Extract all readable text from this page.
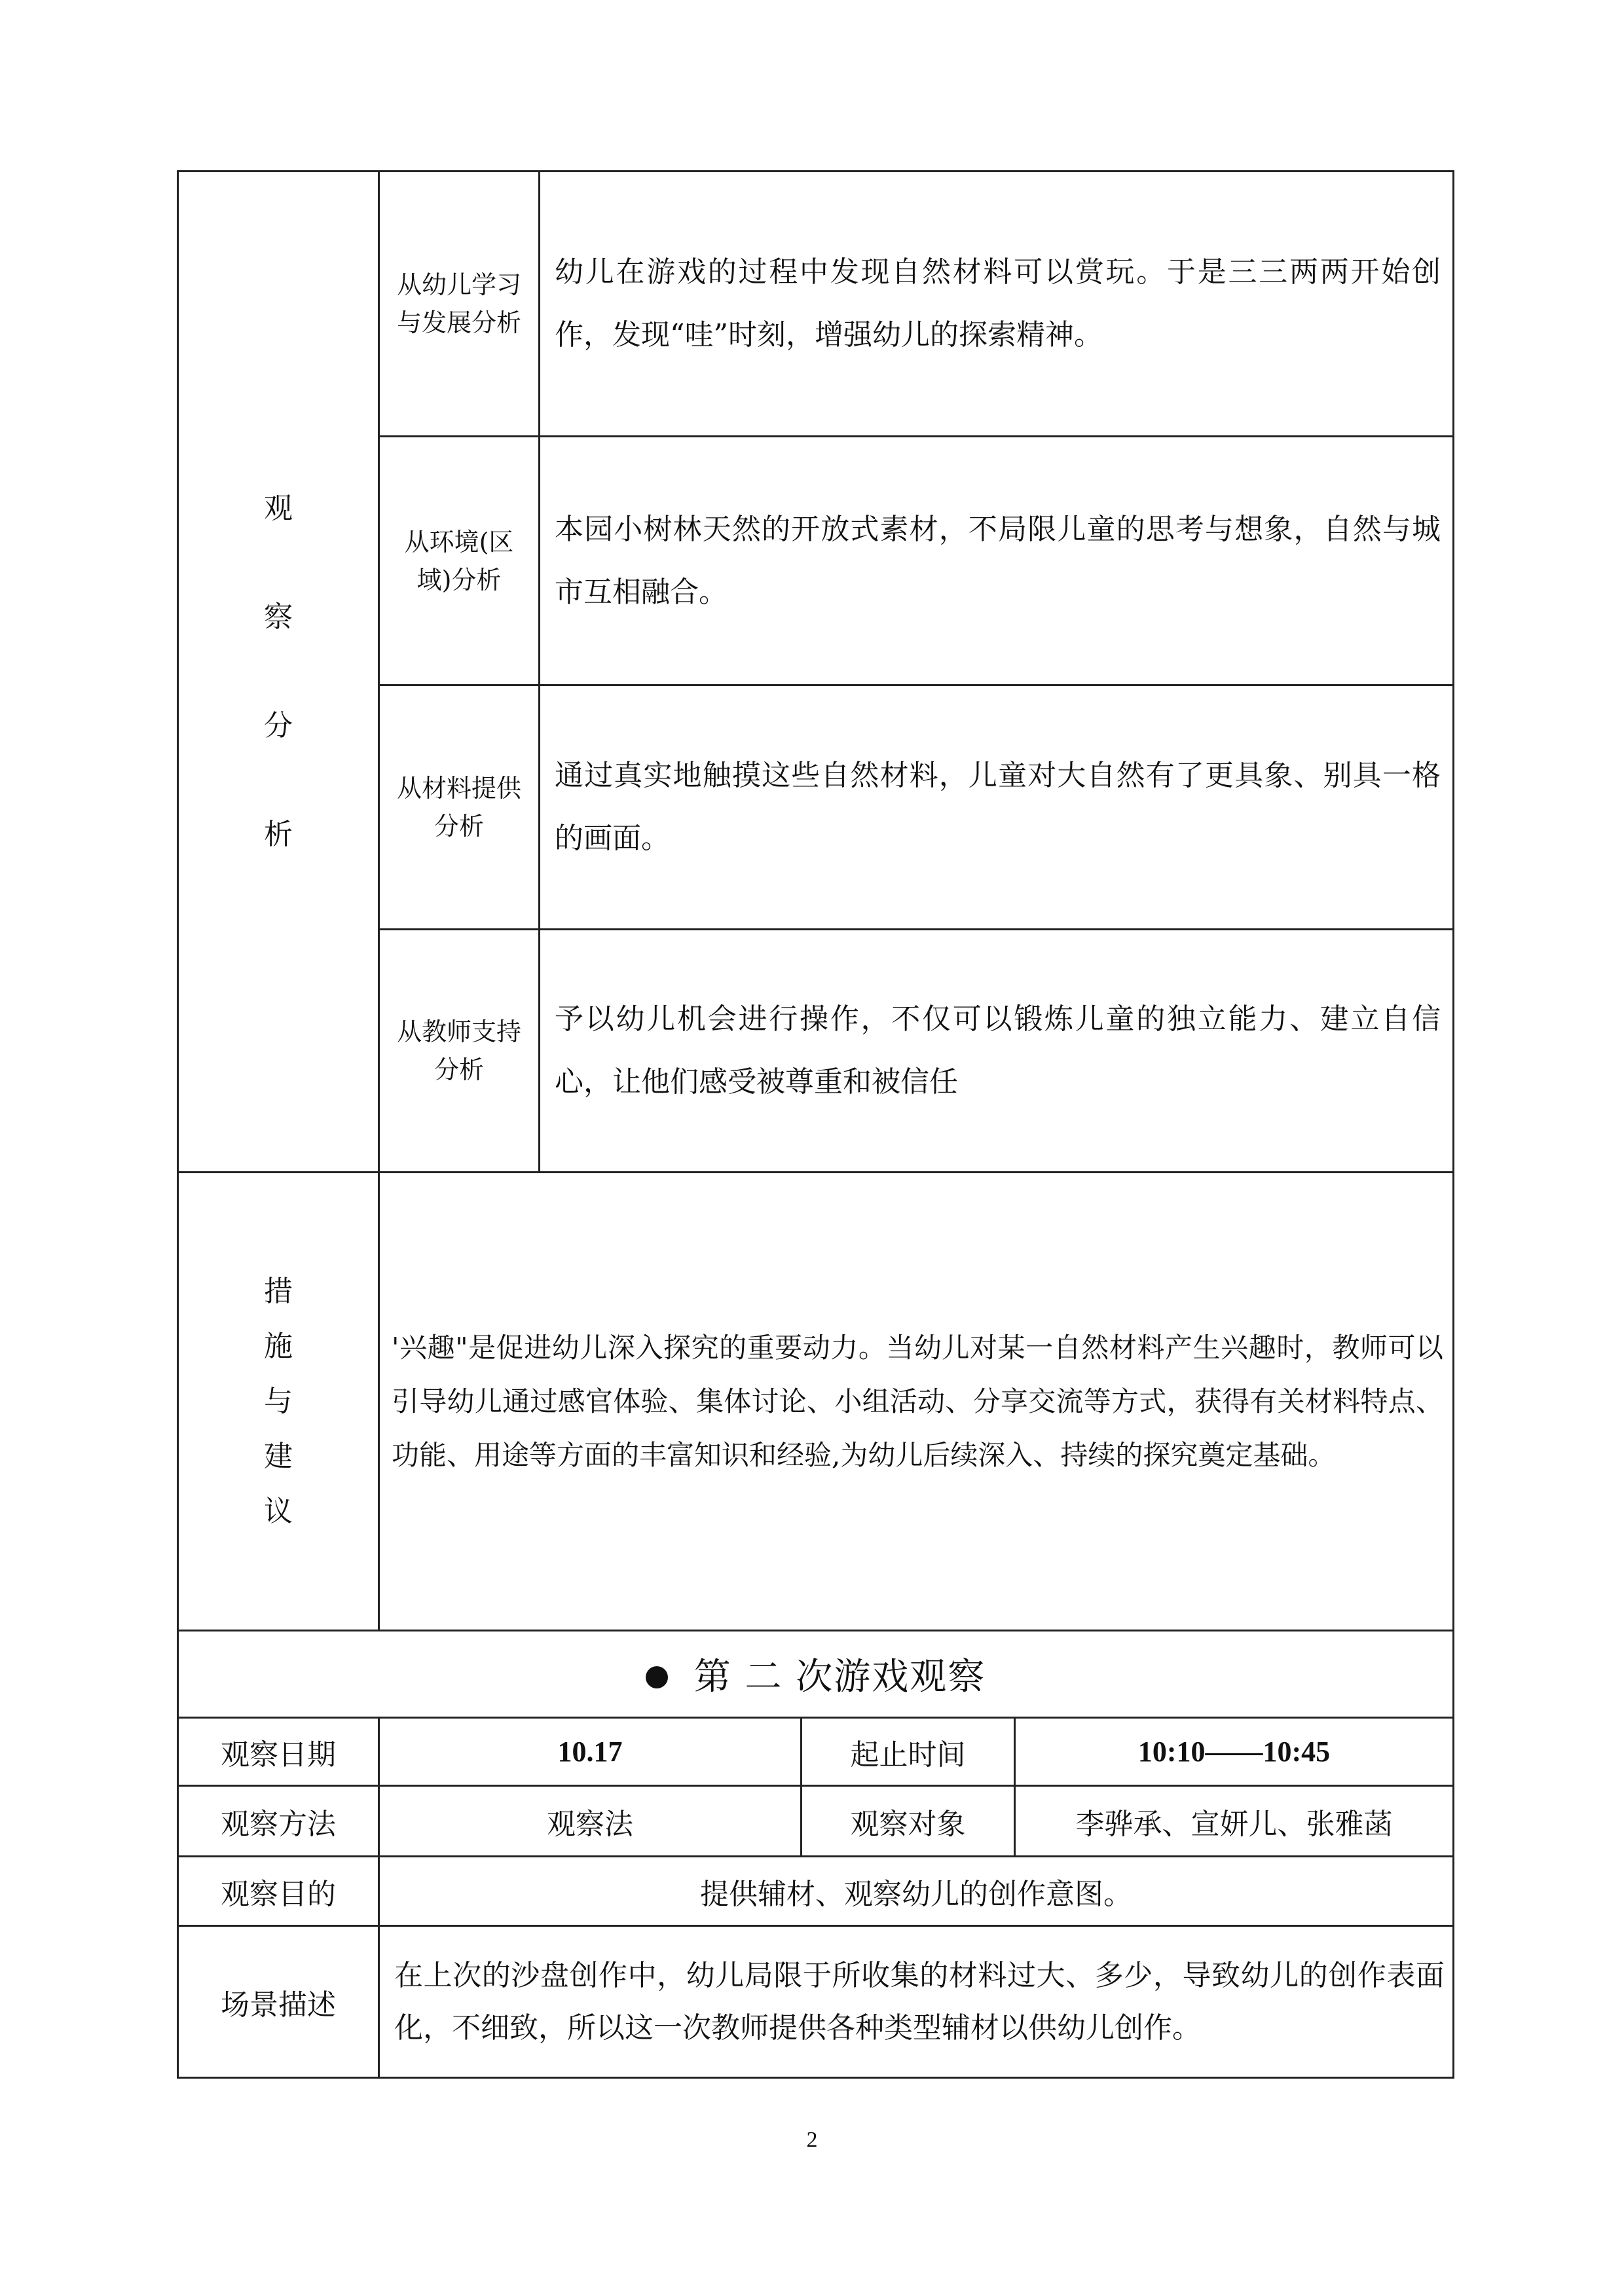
观
察
分
析	从幼儿学习与发展分析	幼儿在游戏的过程中发现自然材料可以赏玩。于是三三两两开始创作，发现“哇”时刻，增强幼儿的探索精神。		
	从环境(区域)分析	本园小树林天然的开放式素材，不局限儿童的思考与想象，自然与城市互相融合。		
	从材料提供分析	通过真实地触摸这些自然材料，儿童对大自然有了更具象、别具一格的画面。		
	从教师支持分析	予以幼儿机会进行操作，不仅可以锻炼儿童的独立能力、建立自信心，让他们感受被尊重和被信任		

措
施
与
建
议	'兴趣"是促进幼儿深入探究的重要动力。当幼儿对某一自然材料产生兴趣时，教师可以引导幼儿通过感官体验、集体讨论、小组活动、分享交流等方式，获得有关材料特点、功能、用途等方面的丰富知识和经验,为幼儿后续深入、持续的探究奠定基础。			
第 二 次游戏观察				
观察日期	10.17		起止时间	10:10——10:45
观察方法	观察法		观察对象	李骅承、宣妍儿、张雅菡
观察目的	提供辅材、观察幼儿的创作意图。			
场景描述	在上次的沙盘创作中，幼儿局限于所收集的材料过大、多少，导致幼儿的创作表面化，不细致，所以这一次教师提供各种类型辅材以供幼儿创作。			
2
